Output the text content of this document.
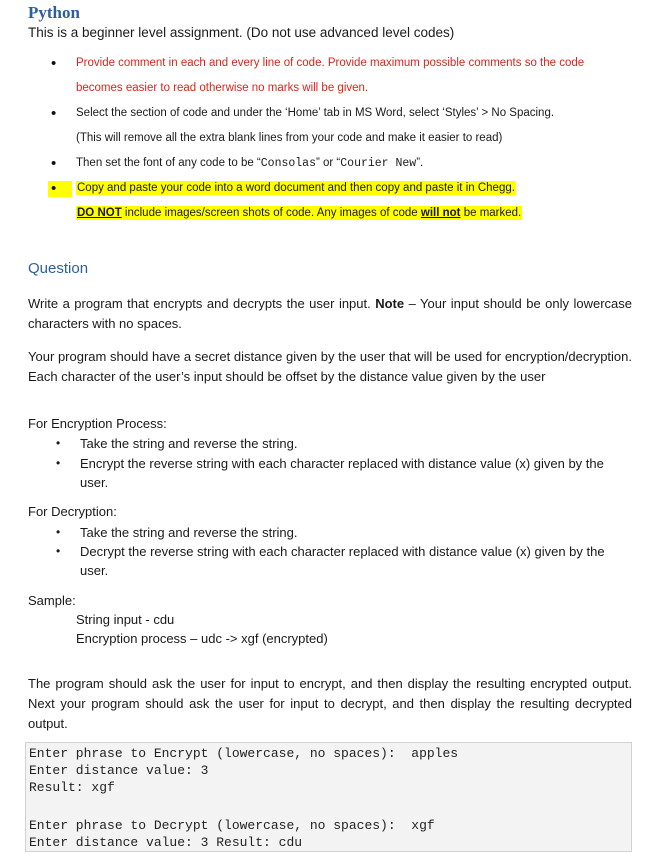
Python

This is a beginner level assignment. (Do not use advanced level codes)

• Provide comment in each and every line of code. Provide maximum possible comments so the code
becomes easier to read otherwise no marks will be given.
• Select the section of code and under the ‘Home’ tab in MS Word, select ‘Styles’ > No Spacing.
(This will remove all the extra blank lines from your code and make it easier to read)
• Then set the font of any code to be “Consolas” or “Courier New”.
•	Copy and paste your code into a word document and then copy and paste it in Chegg.
DO NOT include images/screen shots of code. Any images of code will not be marked.
Question

Write a program that encrypts and decrypts the user input. Note – Your input should be only lowercase characters with no spaces.

Your program should have a secret distance given by the user that will be used for encryption/decryption. Each character of the user’s input should be offset by the distance value given by the user

For Encryption Process:
• Take the string and reverse the string.
• Encrypt the reverse string with each character replaced with distance value (x) given by the user.
For Decryption:
• Take the string and reverse the string.
• Decrypt the reverse string with each character replaced with distance value (x) given by the user.
Sample:
String input - cdu
Encryption process – udc -> xgf (encrypted)

The program should ask the user for input to encrypt, and then display the resulting encrypted output. Next your program should ask the user for input to decrypt, and then display the resulting decrypted output.

Enter phrase to Encrypt (lowercase, no spaces):  apples
Enter distance value: 3
Result: xgf
Enter phrase to Decrypt (lowercase, no spaces):  xgf
Enter distance value: 3 Result: cdu
